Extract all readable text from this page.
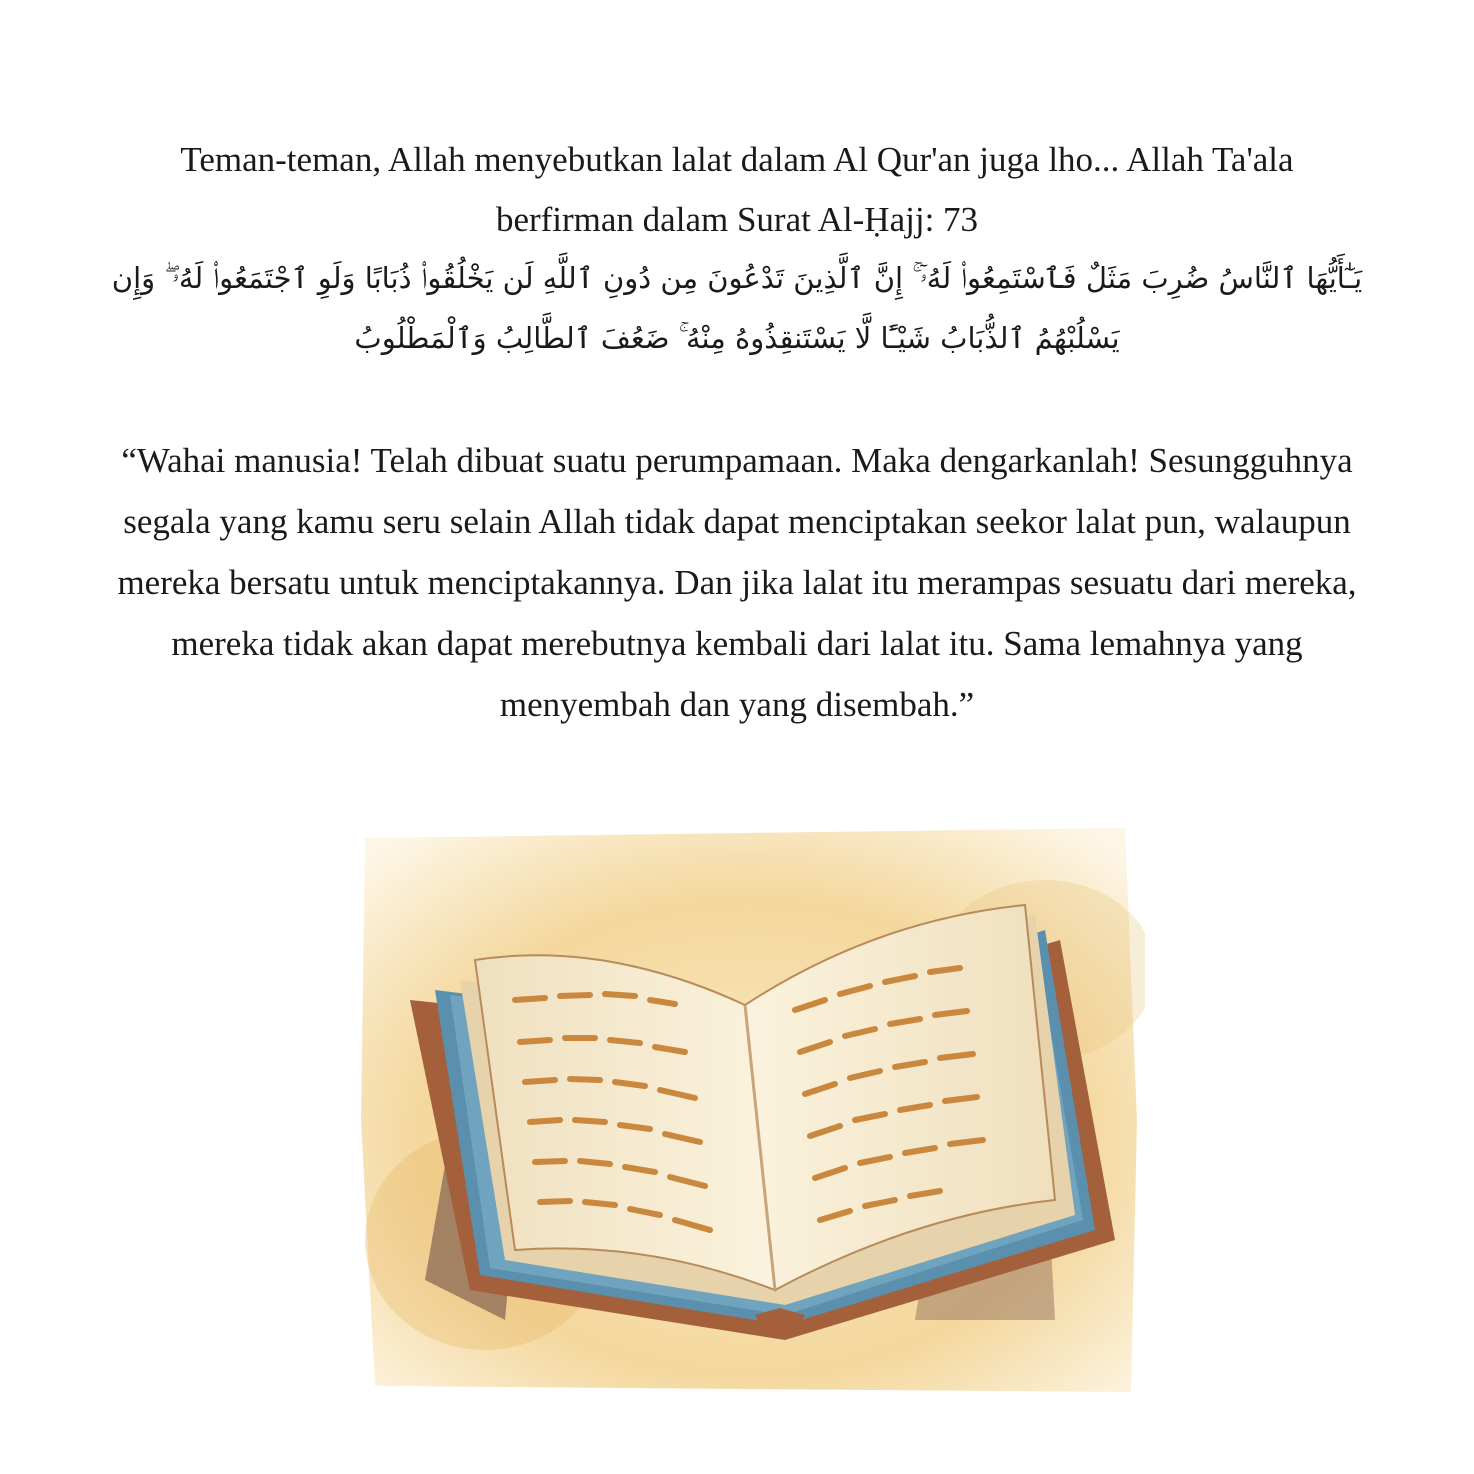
Teman-teman, Allah menyebutkan lalat dalam Al Qur'an juga lho... Allah Ta'ala berfirman dalam Surat Al-Ḥajj: 73

يَـٰٓأَيُّهَا ٱلنَّاسُ ضُرِبَ مَثَلٌ فَٱسْتَمِعُوا۟ لَهُۥٓ ۚ إِنَّ ٱلَّذِينَ تَدْعُونَ مِن دُونِ ٱللَّهِ لَن يَخْلُقُوا۟ ذُبَابًا وَلَوِ ٱجْتَمَعُوا۟ لَهُۥ ۖ وَإِن يَسْلُبْهُمُ ٱلذُّبَابُ شَيْـًٔا لَّا يَسْتَنقِذُوهُ مِنْهُ ۚ ضَعُفَ ٱلطَّالِبُ وَٱلْمَطْلُوبُ

“Wahai manusia! Telah dibuat suatu perumpamaan. Maka dengarkanlah! Sesungguhnya segala yang kamu seru selain Allah tidak dapat menciptakan seekor lalat pun, walaupun mereka bersatu untuk menciptakannya. Dan jika lalat itu merampas sesuatu dari mereka, mereka tidak akan dapat merebutnya kembali dari lalat itu. Sama lemahnya yang menyembah dan yang disembah.”
